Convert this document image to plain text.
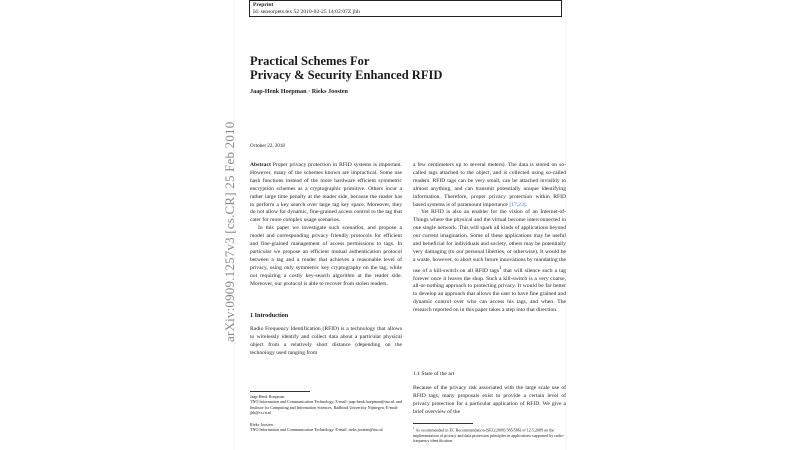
Preprint
Id: sensorpets.tex 52 2010-02-25 14:02:07Z jhh
Practical Schemes For
Privacy & Security Enhanced RFID
Jaap-Henk Hoepman · Rieks Joosten
October 22, 2018
arXiv:0909.1257v3 [cs.CR] 25 Feb 2010 Abstract Proper privacy protection in RFID systems is important. However, many of the schemes known are impractical. Some use hash functions instead of the more hardware efficient symmetric encryption schemes as a cryptographic primitive. Others incur a rather large time penalty at the reader side, because the reader has to perform a key search over large tag key space. Moreover, they do not allow for dynamic, fine-grained access control to the tag that cater for more complex usage scenarios.

In this paper we investigate such scenarios, and propose a model and corresponding privacy friendly protocols for efficient and fine-grained management of access permissions to tags. In particular we propose an efficient mutual authentication protocol between a tag and a reader that achieves a reasonable level of privacy, using only symmetric key cryptography on the tag, while not requiring a costly key-search algorithm at the reader side. Moreover, our protocol is able to recover from stolen readers.

1 Introduction
Radio Frequency Identification (RFID) is a technology that allows to wirelessly identify and collect data about a particular physical object from a relatively short distance (depending on the technology used ranging from
Jaap-Henk Hoepman
TNO Information and Communication Technology. E-mail: jaap-henk.hoepman@tno.nl, and Institute for Computing and Information Sciences, Radboud University Nijmegen. E-mail: jhh@cs.ru.nl
Rieks Joosten
TNO Information and Communication Technology. E-mail: rieks.joosten@tno.nl

a few centimeters up to several meters). The data is stored on so-called tags attached to the object, and is collected using so-called readers. RFID tags can be very small, can be attached invisibly to almost anything, and can transmit potentially unique identifying information. Therefore, proper privacy protection within RFID based systems is of paramount importance [17,23].

Yet RFID is also an enabler for the vision of an Internet-of-Things where the physical and the virtual become interconnected in one single network. This will spark all kinds of applications beyond our current imagination. Some of these applications may be useful and beneficial for individuals and society, others may be potentially very damaging (to our personal liberties, or otherwise). It would be a waste, however, to abort such future innovations by mandating the use of a kill-switch on all RFID tags$^1$ that will silence such a tag forever once it leaves the shop. Such a kill-switch is a very coarse, all-or-nothing approach to protecting privacy. It would be far better to develop an approach that allows the user to have fine grained and dynamic control over who can access his tags, and when. The research reported on in this paper takes a step into that direction.

1.1 State of the art
Because of the privacy risk associated with the large scale use of RFID tags, many proposals exist to provide a certain level of privacy protection for a particular application of RFID. We give a brief overview of the
$^1$ As recommended in EC Recommendation (SEC(2009) 585/586) of 12.5.2009 on the implementation of privacy and data protection principles in applications supported by radio-frequency identification.
